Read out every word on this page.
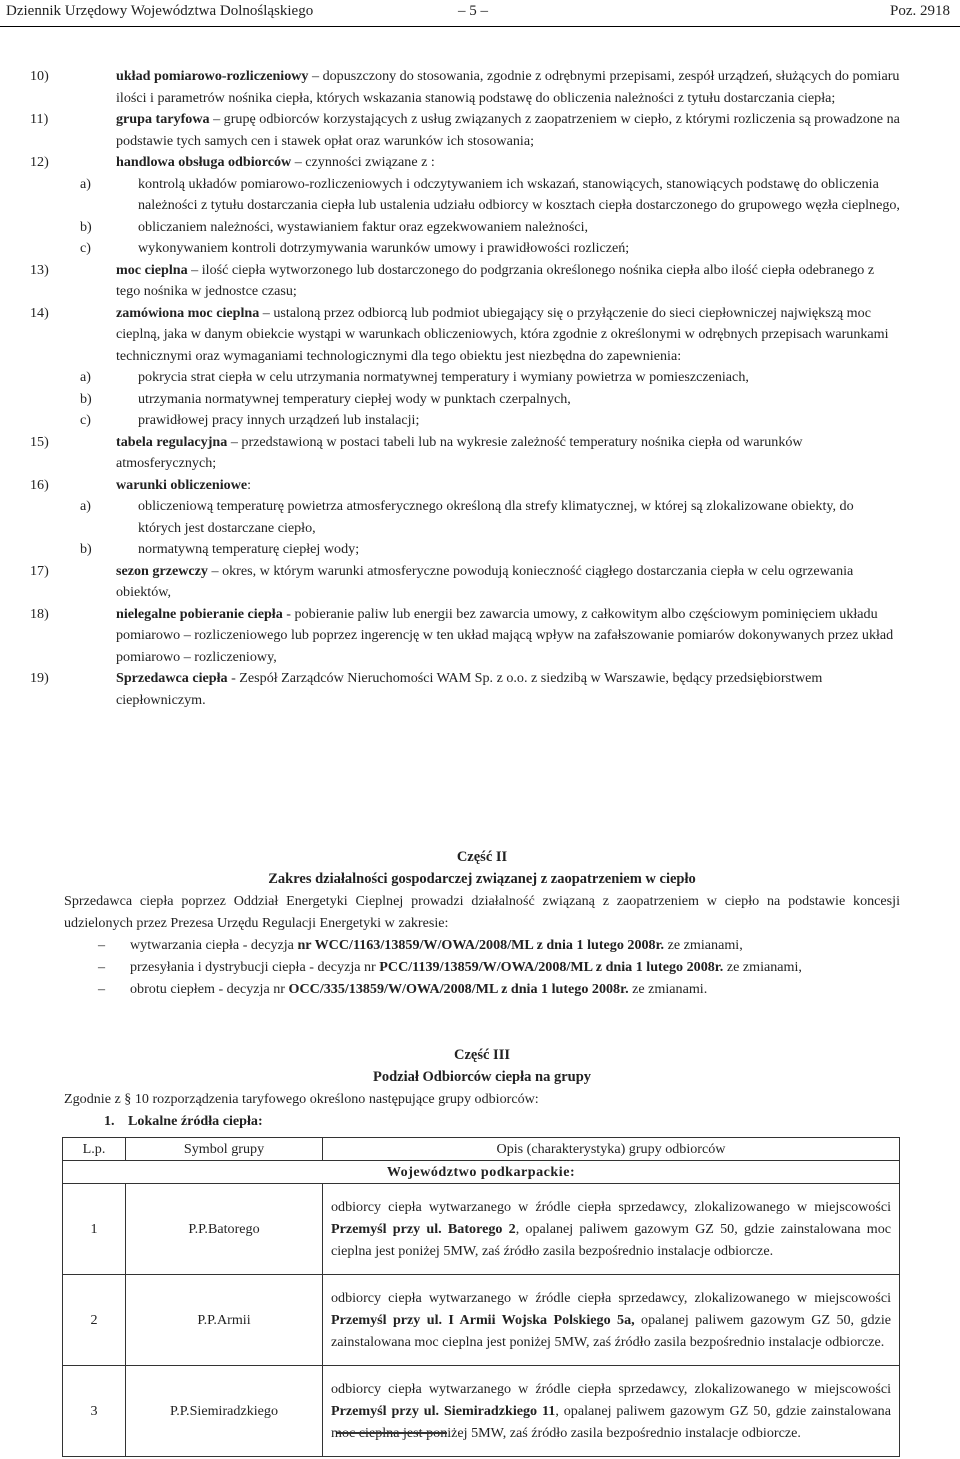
Dziennik Urzędowy Województwa Dolnośląskiego	– 5 –	Poz. 2918
10)	układ pomiarowo-rozliczeniowy – dopuszczony do stosowania, zgodnie z odrębnymi przepisami, zespół urządzeń, służących do pomiaru ilości i parametrów nośnika ciepła, których wskazania stanowią podstawę do obliczenia należności z tytułu dostarczania ciepła;
11)	grupa taryfowa – grupę odbiorców korzystających z usług związanych z zaopatrzeniem w ciepło, z którymi rozliczenia są prowadzone na podstawie tych samych cen i stawek opłat oraz warunków ich stosowania;
12)	handlowa obsługa odbiorców – czynności związane z :
a)	kontrolą układów pomiarowo-rozliczeniowych i odczytywaniem ich wskazań, stanowiących, stanowiących podstawę do obliczenia należności z tytułu dostarczania ciepła lub ustalenia udziału odbiorcy w kosztach ciepła dostarczonego do grupowego węzła cieplnego,
b)	obliczaniem należności, wystawianiem faktur oraz egzekwowaniem należności,
c)	wykonywaniem kontroli dotrzymywania warunków umowy i prawidłowości rozliczeń;
13)	moc cieplna – ilość ciepła wytworzonego lub dostarczonego do podgrzania określonego nośnika ciepła albo ilość ciepła odebranego z tego nośnika w jednostce czasu;
14)	zamówiona moc cieplna – ustaloną przez odbiorcą lub podmiot ubiegający się o przyłączenie do sieci ciepłowniczej największą moc cieplną, jaka w danym obiekcie wystąpi w warunkach obliczeniowych, która zgodnie z określonymi w odrębnych przepisach warunkami technicznymi oraz wymaganiami technologicznymi dla tego obiektu jest niezbędna do zapewnienia:
a)	pokrycia strat ciepła w celu utrzymania normatywnej temperatury i wymiany powietrza w pomieszczeniach,
b)	utrzymania normatywnej temperatury ciepłej wody w punktach czerpalnych,
c)	prawidłowej pracy innych urządzeń lub instalacji;
15)	tabela regulacyjna – przedstawioną w postaci tabeli lub na wykresie zależność temperatury nośnika ciepła od warunków atmosferycznych;
16)	warunki obliczeniowe:
a)	obliczeniową temperaturę powietrza atmosferycznego określoną dla strefy klimatycznej, w której są zlokalizowane obiekty, do których jest dostarczane ciepło,
b)	normatywną temperaturę ciepłej wody;
17)	sezon grzewczy – okres, w którym warunki atmosferyczne powodują konieczność ciągłego dostarczania ciepła w celu ogrzewania obiektów,
18)	nielegalne pobieranie ciepła - pobieranie paliw lub energii bez zawarcia umowy, z całkowitym albo częściowym pominięciem układu pomiarowo – rozliczeniowego lub poprzez ingerencję w ten układ mającą wpływ na zafałszowanie pomiarów dokonywanych przez układ pomiarowo – rozliczeniowy,
19)	Sprzedawca ciepła - Zespół Zarządców Nieruchomości WAM Sp. z o.o. z siedzibą w Warszawie, będący przedsiębiorstwem ciepłowniczym.
Część II
Zakres działalności gospodarczej związanej z zaopatrzeniem w ciepło
Sprzedawca ciepła poprzez Oddział Energetyki Cieplnej prowadzi działalność związaną z zaopatrzeniem w ciepło na podstawie koncesji udzielonych przez Prezesa Urzędu Regulacji Energetyki w zakresie:
– wytwarzania ciepła - decyzja nr WCC/1163/13859/W/OWA/2008/ML z dnia 1 lutego 2008r. ze zmianami,
– przesyłania i dystrybucji ciepła - decyzja nr PCC/1139/13859/W/OWA/2008/ML z dnia 1 lutego 2008r. ze zmianami,
– obrotu ciepłem - decyzja nr OCC/335/13859/W/OWA/2008/ML z dnia 1 lutego 2008r. ze zmianami.
Część III
Podział Odbiorców ciepła na grupy
Zgodnie z § 10 rozporządzenia taryfowego określono następujące grupy odbiorców:
1. Lokalne źródła ciepła:
L.p.	Symbol grupy	Opis (charakterystyka) grupy odbiorców
Województwo podkarpackie:		
1	P.P.Batorego	odbiorcy ciepła wytwarzanego w źródle ciepła sprzedawcy, zlokalizowanego w miejscowości Przemyśl przy ul. Batorego 2, opalanej paliwem gazowym GZ 50, gdzie zainstalowana moc cieplna jest poniżej 5MW, zaś źródło zasila bezpośrednio instalacje odbiorcze.
2	P.P.Armii	odbiorcy ciepła wytwarzanego w źródle ciepła sprzedawcy, zlokalizowanego w miejscowości Przemyśl przy ul. I Armii Wojska Polskiego 5a, opalanej paliwem gazowym GZ 50, gdzie zainstalowana moc cieplna jest poniżej 5MW, zaś źródło zasila bezpośrednio instalacje odbiorcze.
3	P.P.Siemiradzkiego	odbiorcy ciepła wytwarzanego w źródle ciepła sprzedawcy, zlokalizowanego w miejscowości Przemyśl przy ul. Siemiradzkiego 11, opalanej paliwem gazowym GZ 50, gdzie zainstalowana moc cieplna jest poniżej 5MW, zaś źródło zasila bezpośrednio instalacje odbiorcze.
